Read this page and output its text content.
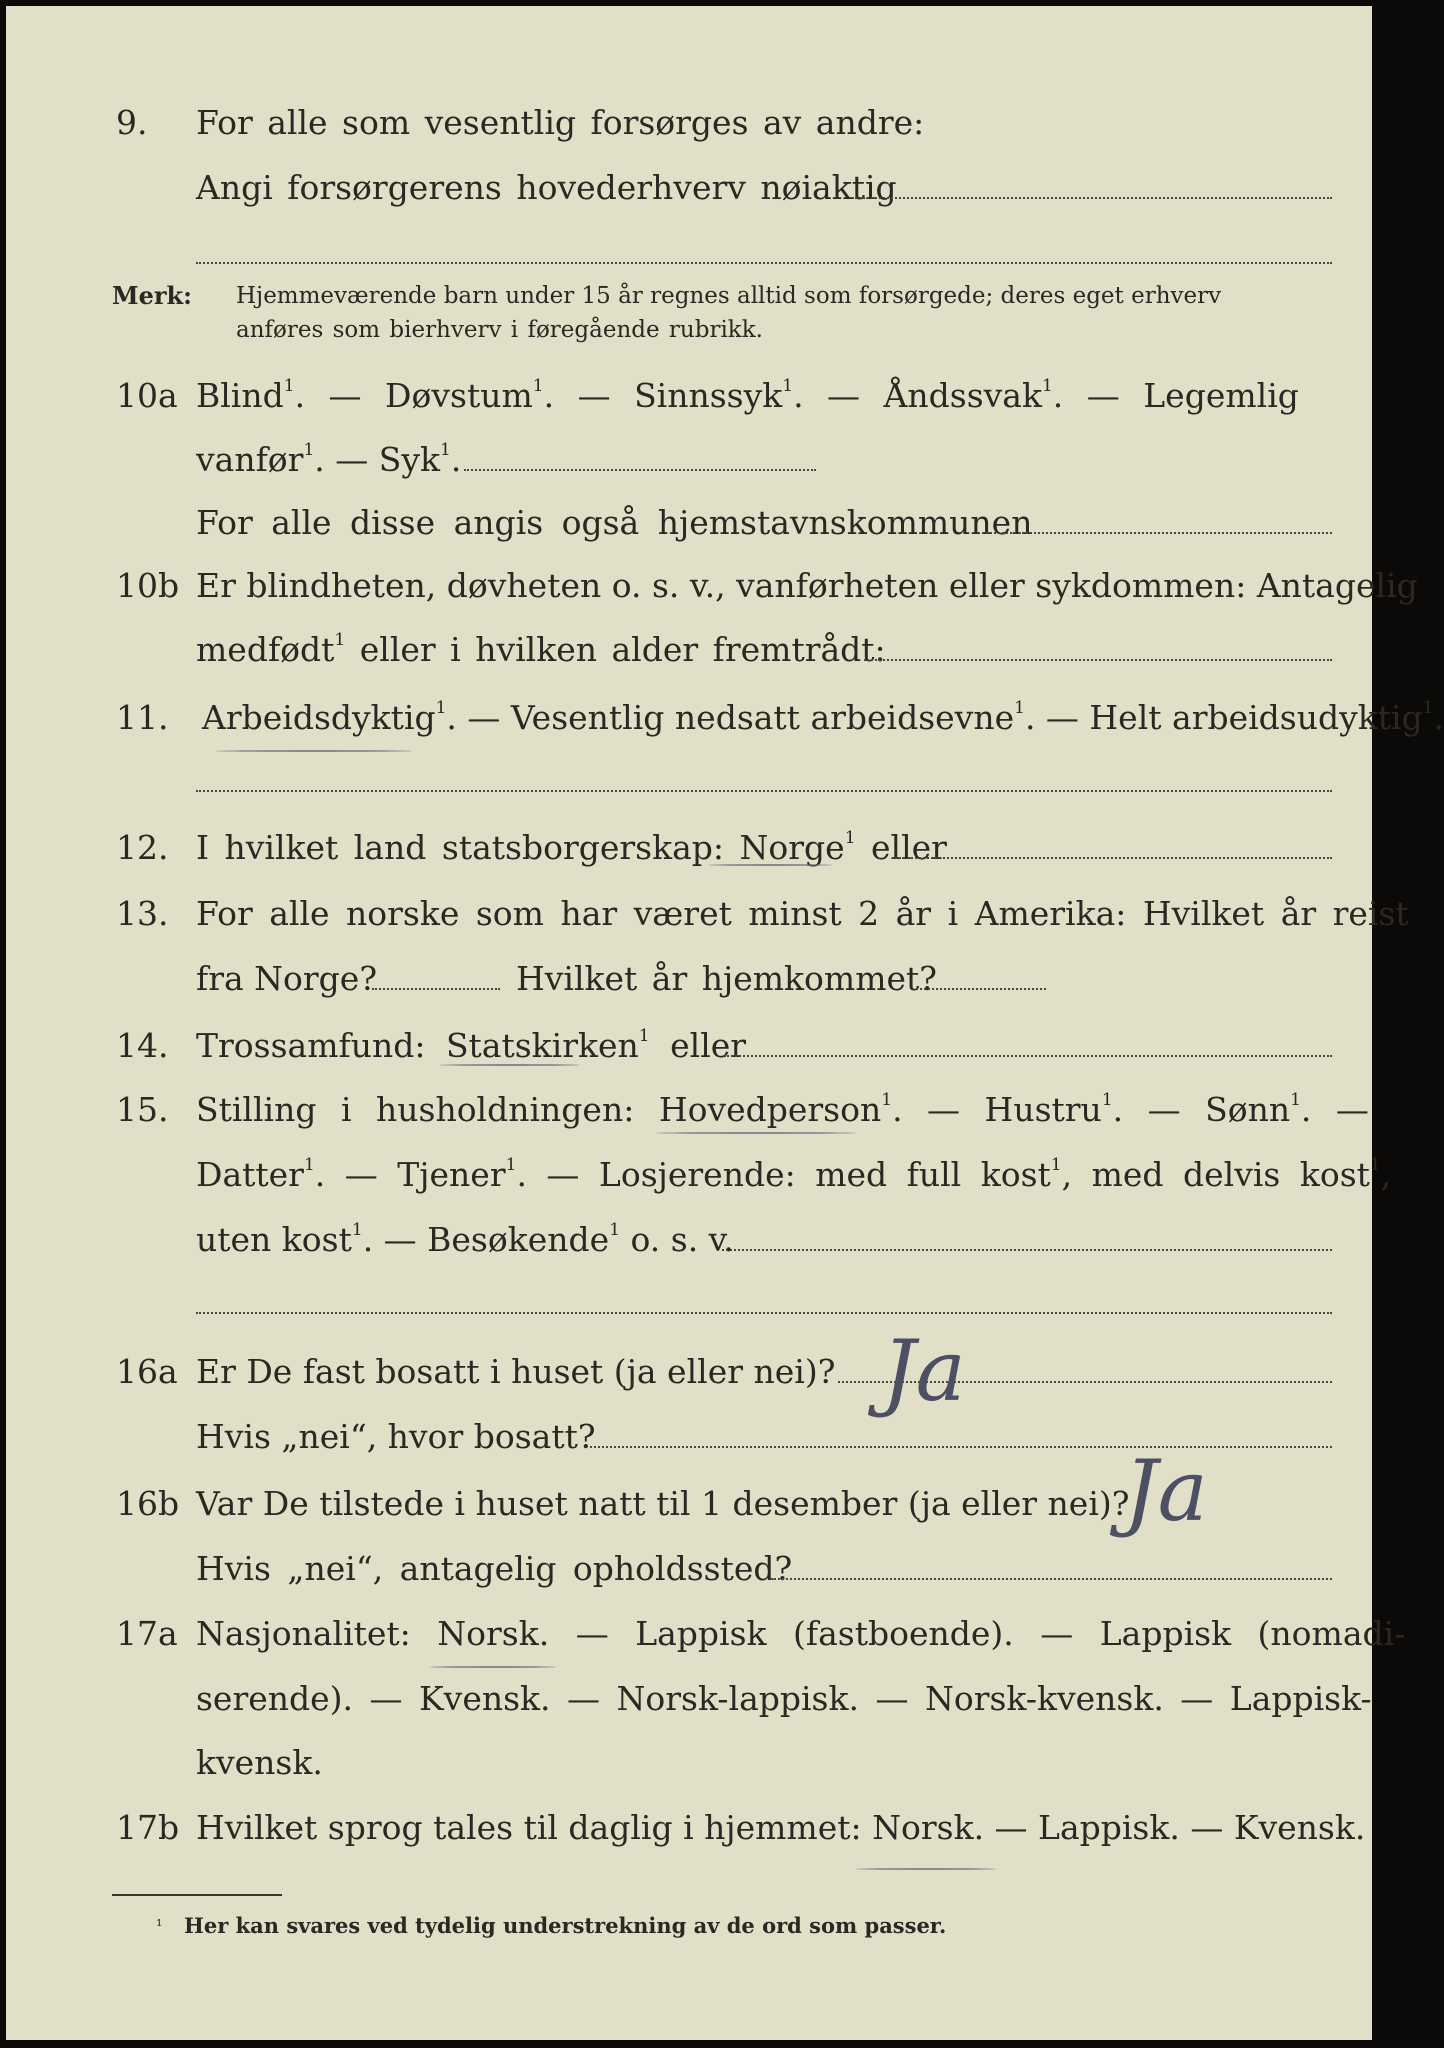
9. For alle som vesentlig forsørges av andre:
Angi forsørgerens hovederhverv nøiaktig
Merk: Hjemmeværende barn under 15 år regnes alltid som forsørgede; deres eget erhverv
anføres som bierhverv i føregående rubrikk.
10a Blind$^1$. — Døvstum$^1$. — Sinnssyk$^1$. — Åndssvak$^1$. — Legemlig
vanfør$^1$. — Syk$^1$.
For alle disse angis også hjemstavnskommunen
10b Er blindheten, døvheten o. s. v., vanførheten eller sykdommen: Antagelig
medfødt$^1$ eller i hvilken alder fremtrådt:
11. Arbeidsdyktig$^1$. — Vesentlig nedsatt arbeidsevne$^1$. — Helt arbeidsudyktig$^1$.
12. I hvilket land statsborgerskap: Norge$^1$ eller
13. For alle norske som har været minst 2 år i Amerika: Hvilket år reist
fra Norge?	Hvilket år hjemkommet?
14. Trossamfund: Statskirken$^1$ eller
15. Stilling i husholdningen: Hovedperson$^1$. — Hustru$^1$. — Sønn$^1$. —
Datter$^1$. — Tjener$^1$. — Losjerende: med full kost$^1$, med delvis kost$^1$,
uten kost$^1$. — Besøkende$^1$ o. s. v.
16a Er De fast bosatt i huset (ja eller nei)? Ja
Hvis „nei“, hvor bosatt?
16b Var De tilstede i huset natt til 1 desember (ja eller nei)?
Ja
Hvis „nei“, antagelig opholdssted?
17a Nasjonalitet: Norsk. — Lappisk (fastboende). — Lappisk (nomadi-
serende). — Kvensk. — Norsk-lappisk. — Norsk-kvensk. — Lappisk-
kvensk.
17b Hvilket sprog tales til daglig i hjemmet: Norsk. — Lappisk. — Kvensk.
¹ Her kan svares ved tydelig understrekning av de ord som passer.
